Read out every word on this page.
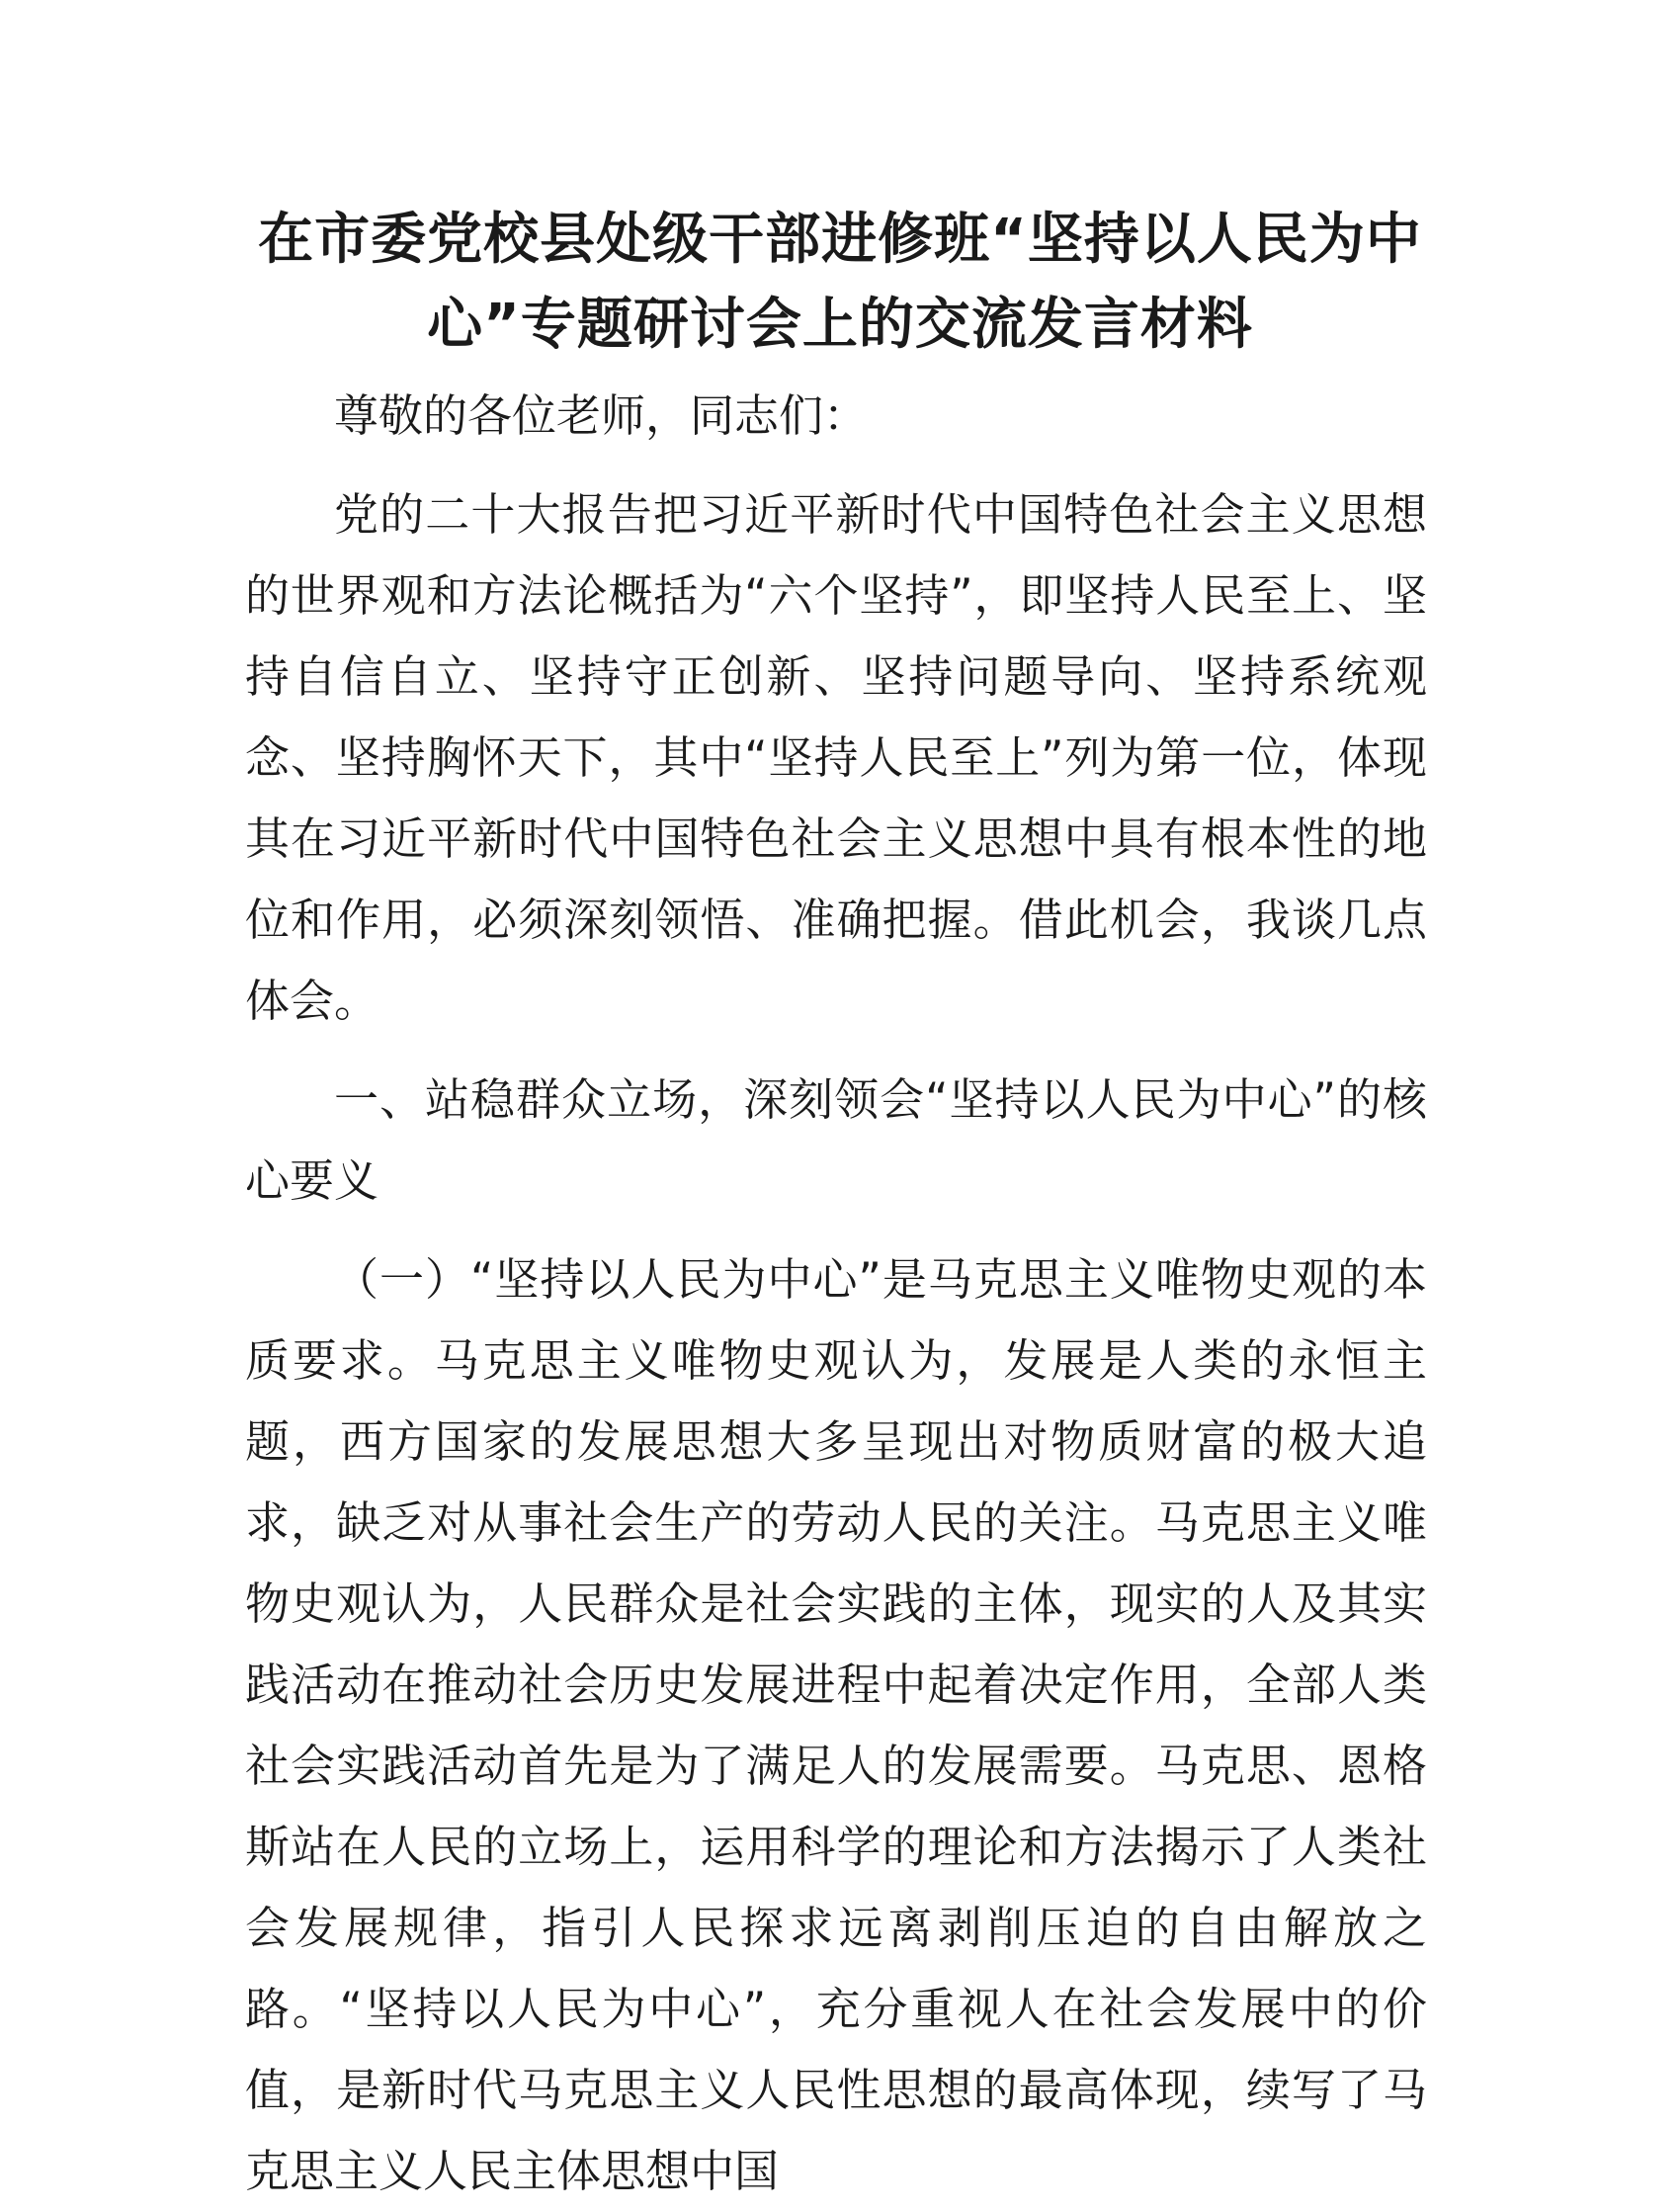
在市委党校县处级干部进修班“坚持以人民为中心”专题研讨会上的交流发言材料

尊敬的各位老师，同志们：

党的二十大报告把习近平新时代中国特色社会主义思想的世界观和方法论概括为“六个坚持”，即坚持人民至上、坚持自信自立、坚持守正创新、坚持问题导向、坚持系统观念、坚持胸怀天下，其中“坚持人民至上”列为第一位，体现其在习近平新时代中国特色社会主义思想中具有根本性的地位和作用，必须深刻领悟、准确把握。借此机会，我谈几点体会。

一、站稳群众立场，深刻领会“坚持以人民为中心”的核心要义

（一）“坚持以人民为中心”是马克思主义唯物史观的本质要求。马克思主义唯物史观认为，发展是人类的永恒主题，西方国家的发展思想大多呈现出对物质财富的极大追求，缺乏对从事社会生产的劳动人民的关注。马克思主义唯物史观认为，人民群众是社会实践的主体，现实的人及其实践活动在推动社会历史发展进程中起着决定作用，全部人类社会实践活动首先是为了满足人的发展需要。马克思、恩格斯站在人民的立场上，运用科学的理论和方法揭示了人类社会发展规律，指引人民探求远离剥削压迫的自由解放之路。“坚持以人民为中心”，充分重视人在社会发展中的价值，是新时代马克思主义人民性思想的最高体现，续写了马克思主义人民主体思想中国
